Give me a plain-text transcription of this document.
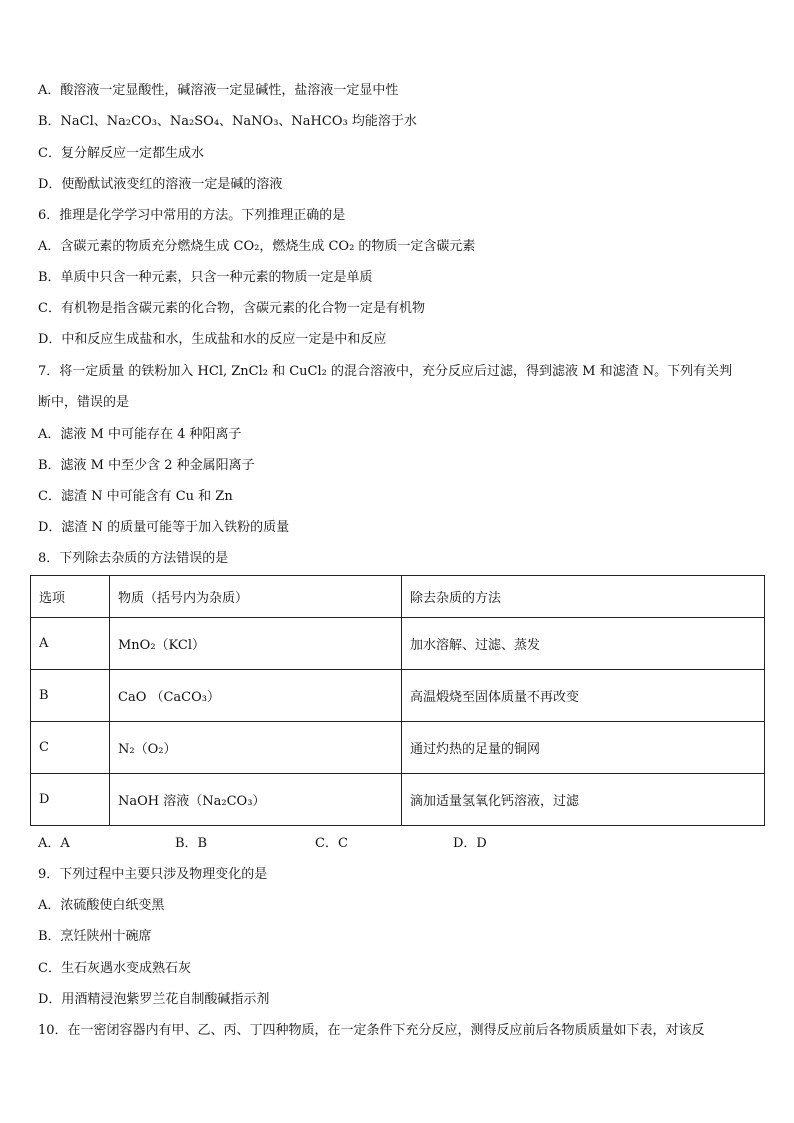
A．酸溶液一定显酸性，碱溶液一定显碱性，盐溶液一定显中性
B．NaCl、Na₂CO₃、Na₂SO₄、NaNO₃、NaHCO₃ 均能溶于水
C．复分解反应一定都生成水
D．使酚酞试液变红的溶液一定是碱的溶液
6．推理是化学学习中常用的方法。下列推理正确的是
A．含碳元素的物质充分燃烧生成 CO₂，燃烧生成 CO₂ 的物质一定含碳元素
B．单质中只含一种元素，只含一种元素的物质一定是单质
C．有机物是指含碳元素的化合物，含碳元素的化合物一定是有机物
D．中和反应生成盐和水，生成盐和水的反应一定是中和反应
7．将一定质量 的铁粉加入 HCl, ZnCl₂ 和 CuCl₂ 的混合溶液中，充分反应后过滤，得到滤液 M 和滤渣 N。下列有关判
断中，错误的是
A．滤液 M 中可能存在 4 种阳离子
B．滤液 M 中至少含 2 种金属阳离子
C．滤渣 N 中可能含有 Cu 和 Zn
D．滤渣 N 的质量可能等于加入铁粉的质量
8．下列除去杂质的方法错误的是
选项	物质（括号内为杂质）	除去杂质的方法
A	MnO₂（KCl）	加水溶解、过滤、蒸发
B	CaO （CaCO₃）	高温煅烧至固体质量不再改变
C	N₂（O₂）	通过灼热的足量的铜网
D	NaOH 溶液（Na₂CO₃）	滴加适量氢氧化钙溶液，过滤
A．A	B．B	C．C	D．D
9．下列过程中主要只涉及物理变化的是
A．浓硫酸使白纸变黑
B．烹饪陕州十碗席
C．生石灰遇水变成熟石灰
D．用酒精浸泡紫罗兰花自制酸碱指示剂
10．在一密闭容器内有甲、乙、丙、丁四种物质，在一定条件下充分反应，测得反应前后各物质质量如下表，对该反
